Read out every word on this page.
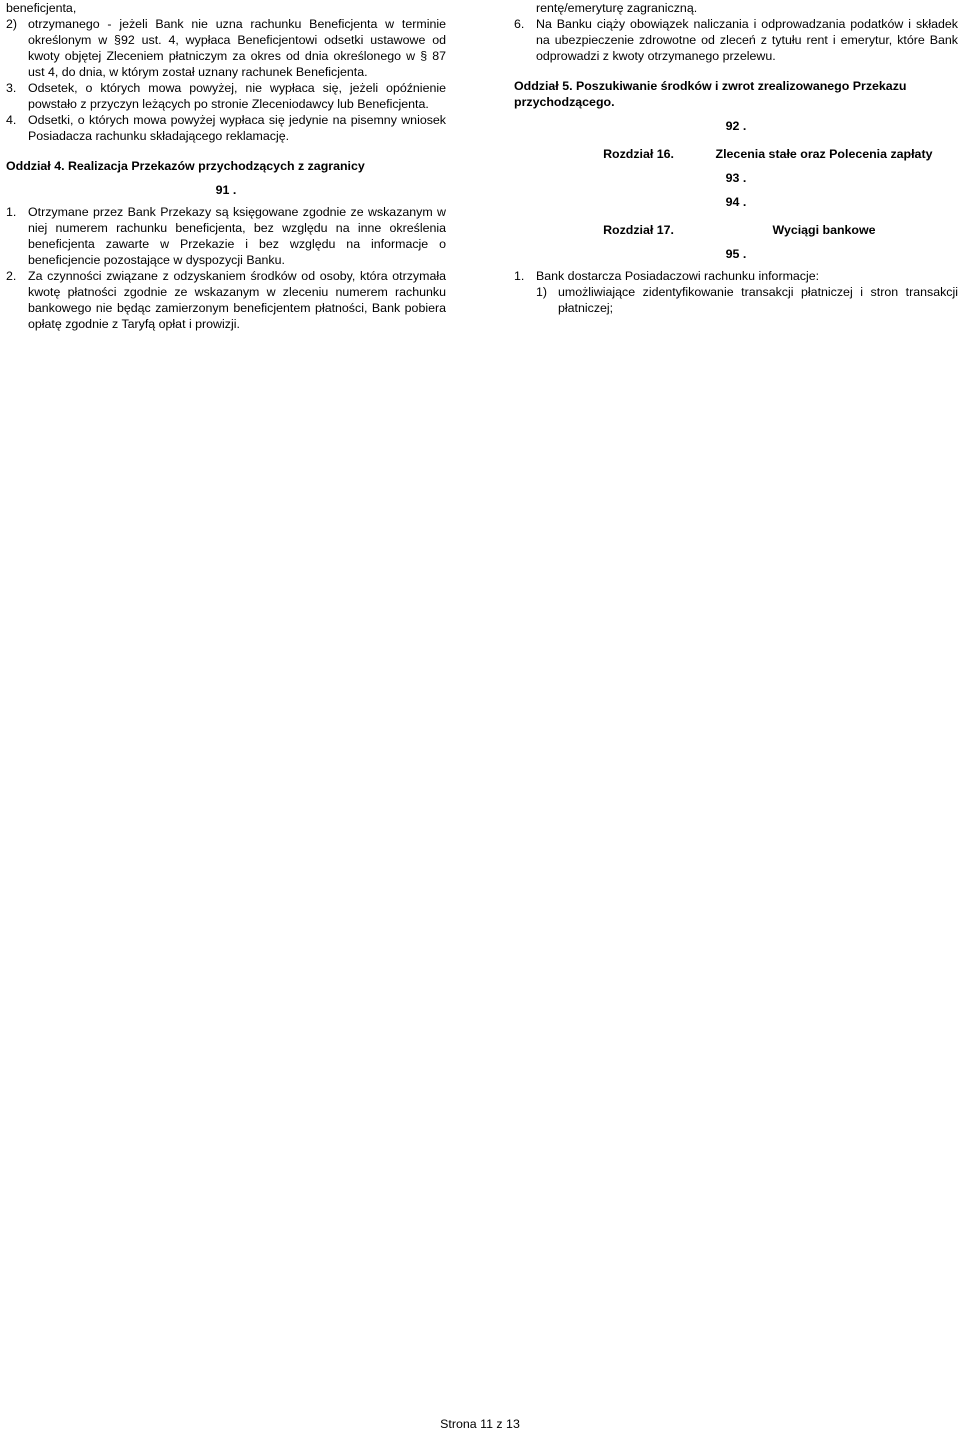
beneficjenta,

2) otrzymanego - jeżeli Bank nie uzna rachunku Beneficjenta w terminie określonym w §92 ust. 4, wypłaca Beneficjentowi odsetki ustawowe od kwoty objętej Zleceniem płatniczym za okres od dnia określonego w § 87 ust 4, do dnia, w którym został uznany rachunek Beneficjenta.
3. Odsetek, o których mowa powyżej, nie wypłaca się, jeżeli opóźnienie powstało z przyczyn leżących po stronie Zleceniodawcy lub Beneficjenta.
4. Odsetki, o których mowa powyżej wypłaca się jedynie na pisemny wniosek Posiadacza rachunku składającego reklamację.
Oddział 4. Realizacja Przekazów przychodzących z zagranicy
91 .
1. Otrzymane przez Bank Przekazy są księgowane zgodnie ze wskazanym w niej numerem rachunku beneficjenta, bez względu na inne określenia beneficjenta zawarte w Przekazie i bez względu na informacje o beneficjencie pozostające w dyspozycji Banku.
2. Za czynności związane z odzyskaniem środków od osoby, która otrzymała kwotę płatności zgodnie ze wskazanym w zleceniu numerem rachunku bankowego nie będąc zamierzonym beneficjentem płatności, Bank pobiera opłatę zgodnie z Taryfą opłat i prowizji.

rentę/emeryturę zagraniczną.

6. Na Banku ciąży obowiązek naliczania i odprowadzania podatków i składek na ubezpieczenie zdrowotne od zleceń z tytułu rent i emerytur, które Bank odprowadzi z kwoty otrzymanego przelewu.
Oddział 5. Poszukiwanie środków i zwrot zrealizowanego Przekazu przychodzącego.
92 .
Rozdział 16.	Zlecenia stałe oraz Polecenia zapłaty
93 .
94 .
Rozdział 17.	Wyciągi bankowe
95 .
1. Bank dostarcza Posiadaczowi rachunku informacje:
1) umożliwiające zidentyfikowanie transakcji płatniczej i stron transakcji płatniczej;
Strona 11 z 13
